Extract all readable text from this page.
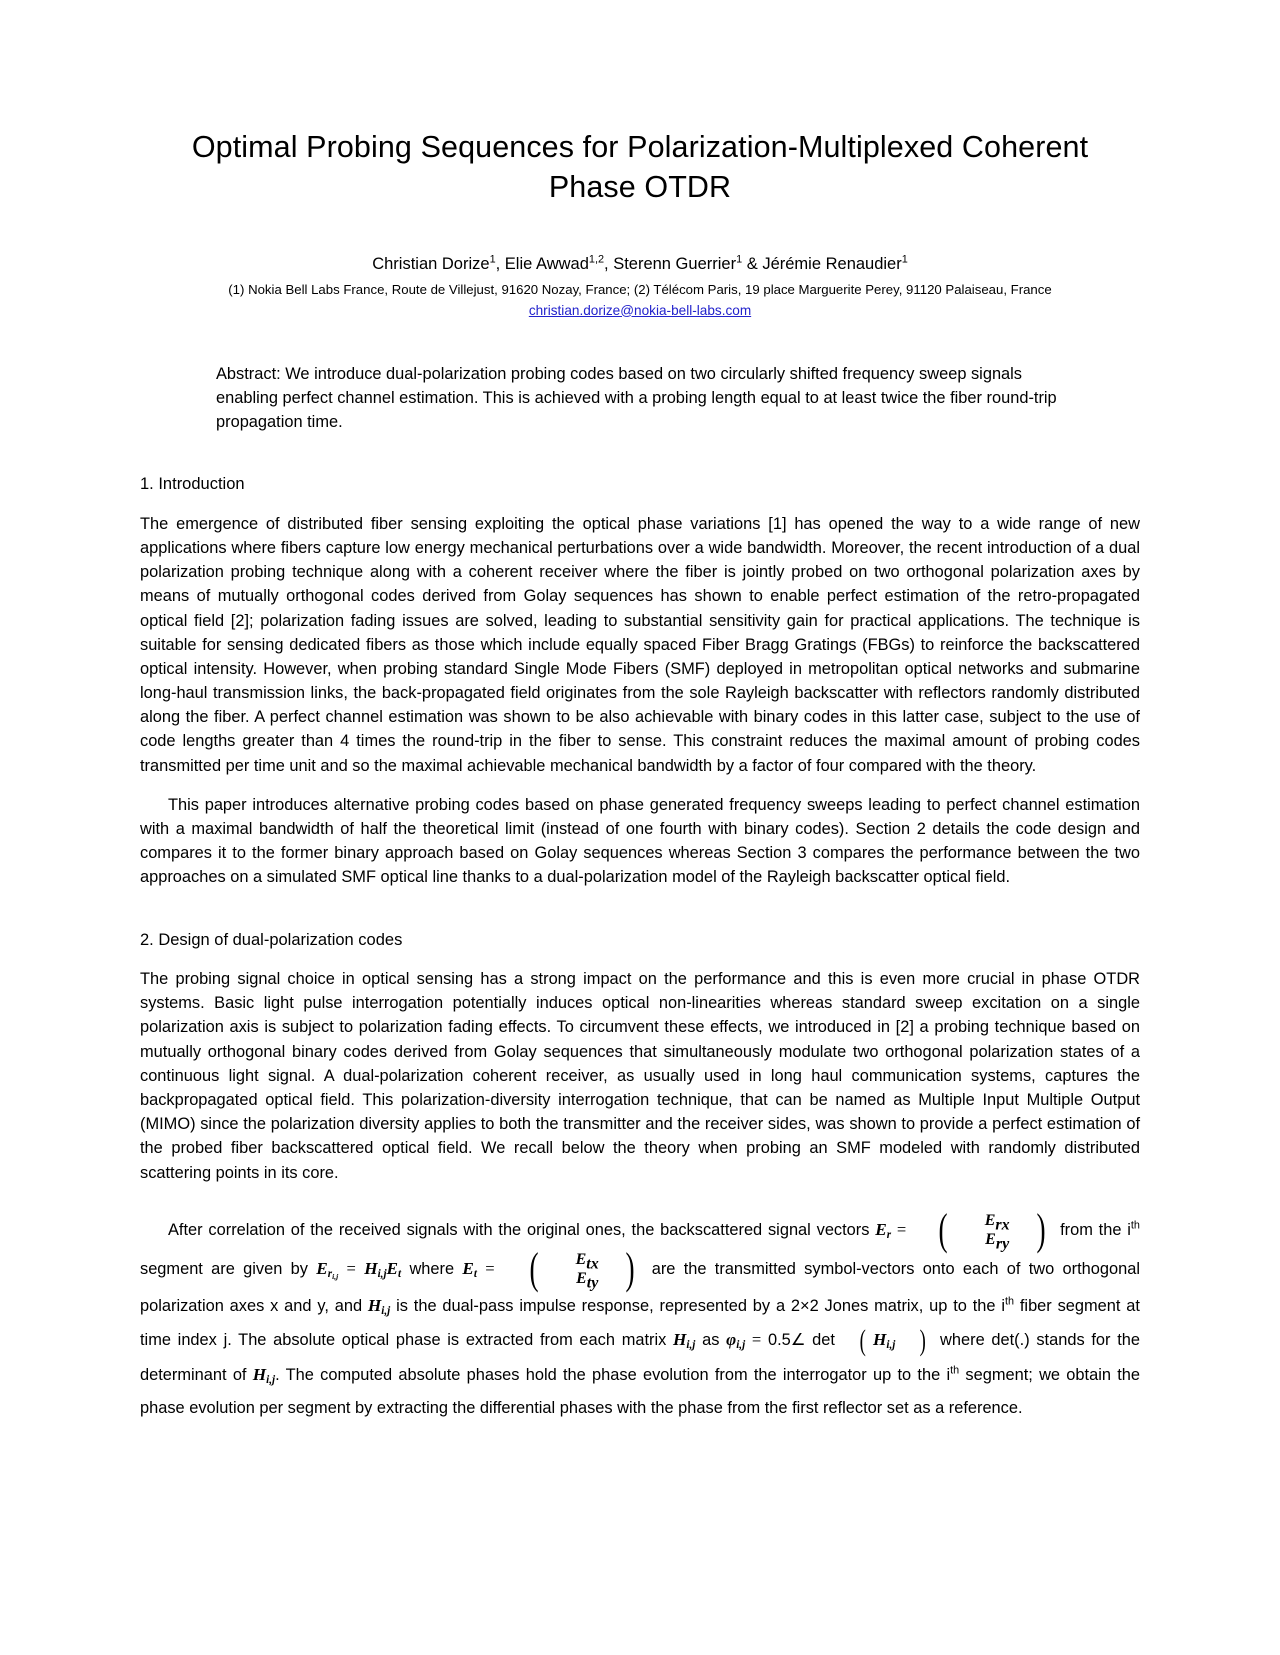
Optimal Probing Sequences for Polarization-Multiplexed Coherent Phase OTDR
Christian Dorize$^1$, Elie Awwad$^{1,2}$, Sterenn Guerrier$^1$ & Jérémie Renaudier$^1$
(1) Nokia Bell Labs France, Route de Villejust, 91620 Nozay, France; (2) Télécom Paris, 19 place Marguerite Perey, 91120 Palaiseau, France
christian.dorize@nokia-bell-labs.com
Abstract: We introduce dual-polarization probing codes based on two circularly shifted frequency sweep signals enabling perfect channel estimation. This is achieved with a probing length equal to at least twice the fiber round-trip propagation time.
1. Introduction

The emergence of distributed fiber sensing exploiting the optical phase variations [1] has opened the way to a wide range of new applications where fibers capture low energy mechanical perturbations over a wide bandwidth. Moreover, the recent introduction of a dual polarization probing technique along with a coherent receiver where the fiber is jointly probed on two orthogonal polarization axes by means of mutually orthogonal codes derived from Golay sequences has shown to enable perfect estimation of the retro-propagated optical field [2]; polarization fading issues are solved, leading to substantial sensitivity gain for practical applications. The technique is suitable for sensing dedicated fibers as those which include equally spaced Fiber Bragg Gratings (FBGs) to reinforce the backscattered optical intensity. However, when probing standard Single Mode Fibers (SMF) deployed in metropolitan optical networks and submarine long-haul transmission links, the back-propagated field originates from the sole Rayleigh backscatter with reflectors randomly distributed along the fiber. A perfect channel estimation was shown to be also achievable with binary codes in this latter case, subject to the use of code lengths greater than 4 times the round-trip in the fiber to sense. This constraint reduces the maximal amount of probing codes transmitted per time unit and so the maximal achievable mechanical bandwidth by a factor of four compared with the theory.

This paper introduces alternative probing codes based on phase generated frequency sweeps leading to perfect channel estimation with a maximal bandwidth of half the theoretical limit (instead of one fourth with binary codes). Section 2 details the code design and compares it to the former binary approach based on Golay sequences whereas Section 3 compares the performance between the two approaches on a simulated SMF optical line thanks to a dual-polarization model of the Rayleigh backscatter optical field.

2. Design of dual-polarization codes

The probing signal choice in optical sensing has a strong impact on the performance and this is even more crucial in phase OTDR systems. Basic light pulse interrogation potentially induces optical non-linearities whereas standard sweep excitation on a single polarization axis is subject to polarization fading effects. To circumvent these effects, we introduced in [2] a probing technique based on mutually orthogonal binary codes derived from Golay sequences that simultaneously modulate two orthogonal polarization states of a continuous light signal. A dual-polarization coherent receiver, as usually used in long haul communication systems, captures the backpropagated optical field. This polarization-diversity interrogation technique, that can be named as Multiple Input Multiple Output (MIMO) since the polarization diversity applies to both the transmitter and the receiver sides, was shown to provide a perfect estimation of the probed fiber backscattered optical field. We recall below the theory when probing an SMF modeled with randomly distributed scattering points in its core.

After correlation of the received signals with the original ones, the backscattered signal vectors Er = (	Erx
Ery ) from the $i^{th}$ segment are given by Eri,j = Hi,jEt where Et = (	Etx
Ety ) are the transmitted symbol-vectors onto each of two orthogonal polarization axes x and y, and Hi,j is the dual-pass impulse response, represented by a 2×2 Jones matrix, up to the $i^{th}$ fiber segment at time index j. The absolute optical phase is extracted from each matrix Hi,j as φi,j = 0.5∠ det ( Hi,j ) where det(.) stands for the determinant of Hi,j. The computed absolute phases hold the phase evolution from the interrogator up to the $i^{th}$ segment; we obtain the phase evolution per segment by extracting the differential phases with the phase from the first reflector set as a reference.
